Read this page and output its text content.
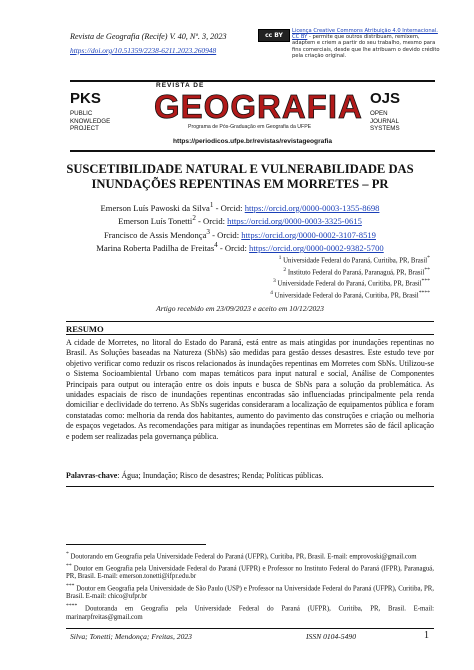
Revista de Geografia (Recife) V. 40, Nº. 3, 2023
https://doi.org/10.51359/2238-6211.2023.260948
cc BY
Licença Creative Commons Atribuição 4.0 Internacional. CC BY - permite que outros distribuam, remixem, adaptem e criem a partir do seu trabalho, mesmo para fins comerciais, desde que lhe atribuam o devido crédito pela criação original.
PKS
PUBLIC
KNOWLEDGE
PROJECT
REVISTA DE
GEOGRAFIA
Programa de Pós-Graduação em Geografia da UFPE
OJS
OPEN
JOURNAL
SYSTEMS
https://periodicos.ufpe.br/revistas/revistageografia
SUSCETIBILIDADE NATURAL E VULNERABILIDADE DAS INUNDAÇÕES REPENTINAS EM MORRETES – PR
Emerson Luís Pawoski da Silva$^1$ - Orcid: https://orcid.org/0000-0003-1355-8698
Emerson Luís Tonetti$^2$ - Orcid: https://orcid.org/0000-0003-3325-0615
Francisco de Assis Mendonça$^3$ - Orcid: https://orcid.org/0000-0002-3107-8519
Marina Roberta Padilha de Freitas$^4$ - Orcid: https://orcid.org/0000-0002-9382-5700
$^1$ Universidade Federal do Paraná, Curitiba, PR, Brasil*
$^2$ Instituto Federal do Paraná, Paranaguá, PR, Brasil**
$^3$ Universidade Federal do Paraná, Curitiba, PR, Brasil***
$^4$ Universidade Federal do Paraná, Curitiba, PR, Brasil****
Artigo recebido em 23/09/2023 e aceito em 10/12/2023
RESUMO

A cidade de Morretes, no litoral do Estado do Paraná, está entre as mais atingidas por inundações repentinas no Brasil. As Soluções baseadas na Natureza (SbNs) são medidas para gestão desses desastres. Este estudo teve por objetivo verificar como reduzir os riscos relacionados às inundações repentinas em Morretes com SbNs. Utilizou-se o Sistema Socioambiental Urbano com mapas temáticos para input natural e social, Análise de Componentes Principais para output ou interação entre os dois inputs e busca de SbNs para a solução da problemática. As unidades espaciais de risco de inundações repentinas encontradas são influenciadas principalmente pela renda domiciliar e declividade do terreno. As SbNs sugeridas consideraram a localização de equipamentos pública e foram constatadas como: melhoria da renda dos habitantes, aumento do pavimento das construções e criação ou melhoria de espaços vegetados. As recomendações para mitigar as inundações repentinas em Morretes são de fácil aplicação e podem ser realizadas pela governança pública.

Palavras-chave: Água; Inundação; Risco de desastres; Renda; Políticas públicas.

* Doutorando em Geografia pela Universidade Federal do Paraná (UFPR), Curitiba, PR, Brasil. E-mail: emprovoski@gmail.com

** Doutor em Geografia pela Universidade Federal do Paraná (UFPR) e Professor no Instituto Federal do Paraná (IFPR), Paranaguá, PR, Brasil. E-mail: emerson.tonetti@ifpr.edu.br

*** Doutor em Geografia pela Universidade de São Paulo (USP) e Professor na Universidade Federal do Paraná (UFPR), Curitiba, PR, Brasil. E-mail: chico@ufpr.br

**** Doutoranda em Geografia pela Universidade Federal do Paraná (UFPR), Curitiba, PR, Brasil. E-mail: marinarpfreitas@gmail.com

Silva; Tonetti; Mendonça; Freitas, 2023	ISSN 0104-5490	1
